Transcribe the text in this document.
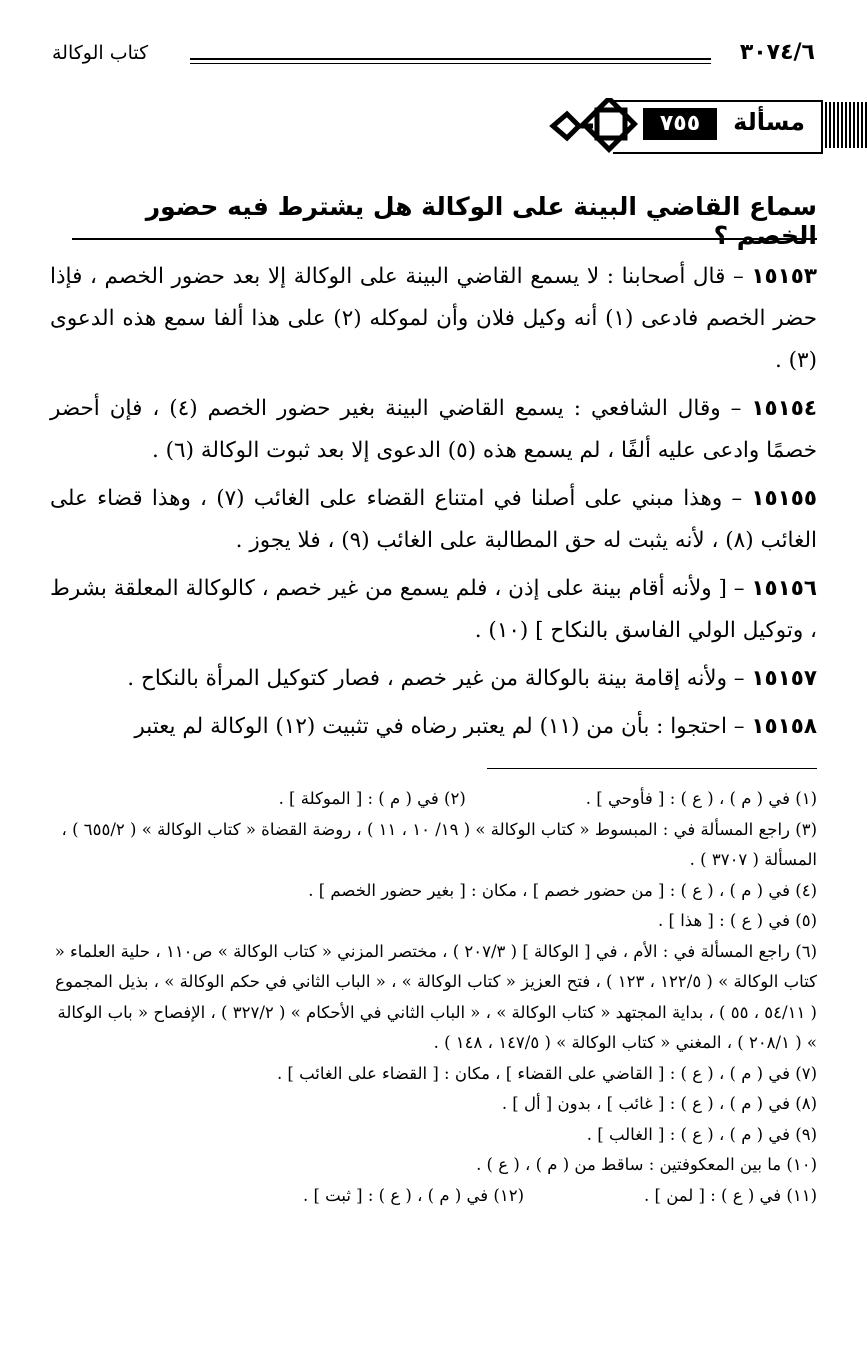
٣٠٧٤/٦
كتاب الوكالة
مسألة
٧٥٥
سماع القاضي البينة على الوكالة هل يشترط فيه حضور الخصم ؟

١٥١٥٣ – قال أصحابنا : لا يسمع القاضي البينة على الوكالة إلا بعد حضور الخصم ، فإذا حضر الخصم فادعى (١) أنه وكيل فلان وأن لموكله (٢) على هذا ألفا سمع هذه الدعوى (٣) .

١٥١٥٤ – وقال الشافعي : يسمع القاضي البينة بغير حضور الخصم (٤) ، فإن أحضر خصمًا وادعى عليه ألفًا ، لم يسمع هذه (٥) الدعوى إلا بعد ثبوت الوكالة (٦) .

١٥١٥٥ – وهذا مبني على أصلنا في امتناع القضاء على الغائب (٧) ، وهذا قضاء على الغائب (٨) ، لأنه يثبت له حق المطالبة على الغائب (٩) ، فلا يجوز .

١٥١٥٦ – [ ولأنه أقام بينة على إذن ، فلم يسمع من غير خصم ، كالوكالة المعلقة بشرط ، وتوكيل الولي الفاسق بالنكاح ] (١٠) .

١٥١٥٧ – ولأنه إقامة بينة بالوكالة من غير خصم ، فصار كتوكيل المرأة بالنكاح .

١٥١٥٨ – احتجوا : بأن من (١١) لم يعتبر رضاه في تثبيت (١٢) الوكالة لم يعتبر

(١) في ( م ) ، ( ع ) : [ فأوحي ] .

(٢) في ( م ) : [ الموكلة ] .

(٣) راجع المسألة في : المبسوط « كتاب الوكالة » ( ١٩/ ١٠ ، ١١ ) ، روضة القضاة « كتاب الوكالة » ( ٦٥٥/٢ ) ، المسألة ( ٣٧٠٧ ) .

(٤) في ( م ) ، ( ع ) : [ من حضور خصم ] ، مكان : [ بغير حضور الخصم ] .

(٥) في ( ع ) : [ هذا ] .

(٦) راجع المسألة في : الأم ، في [ الوكالة ] ( ٢٠٧/٣ ) ، مختصر المزني « كتاب الوكالة » ص١١٠ ، حلية العلماء « كتاب الوكالة » ( ١٢٢/٥ ، ١٢٣ ) ، فتح العزيز « كتاب الوكالة » ، « الباب الثاني في حكم الوكالة » ، بذيل المجموع ( ٥٤/١١ ، ٥٥ ) ، بداية المجتهد « كتاب الوكالة » ، « الباب الثاني في الأحكام » ( ٣٢٧/٢ ) ، الإفصاح « باب الوكالة » ( ٢٠٨/١ ) ، المغني « كتاب الوكالة » ( ١٤٧/٥ ، ١٤٨ ) .

(٧) في ( م ) ، ( ع ) : [ القاضي على القضاء ] ، مكان : [ القضاء على الغائب ] .

(٨) في ( م ) ، ( ع ) : [ غائب ] ، بدون [ أل ] .

(٩) في ( م ) ، ( ع ) : [ الغالب ] .

(١٠) ما بين المعكوفتين : ساقط من ( م ) ، ( ع ) .

(١١) في ( ع ) : [ لمن ] .

(١٢) في ( م ) ، ( ع ) : [ ثبت ] .
